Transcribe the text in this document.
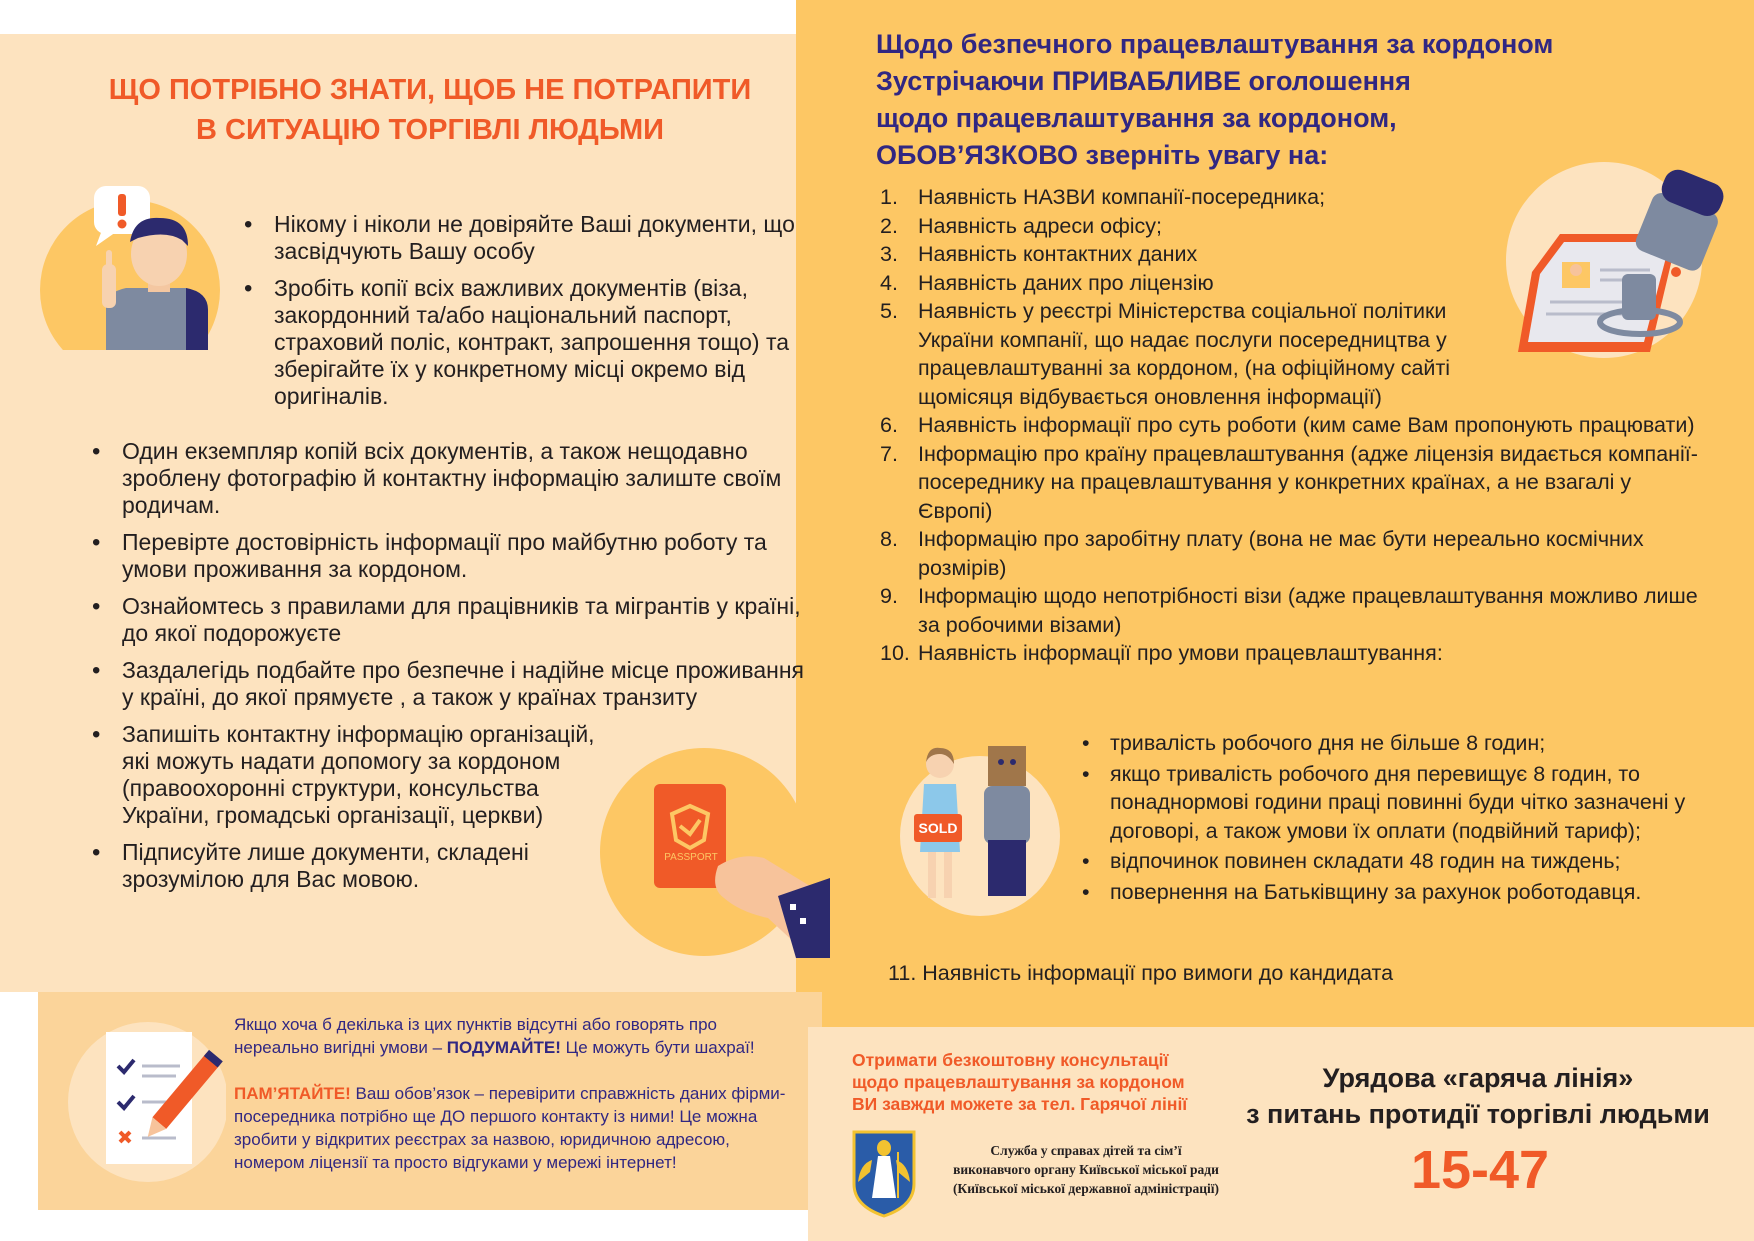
ЩО ПОТРІБНО ЗНАТИ, ЩОБ НЕ ПОТРАПИТИ
В СИТУАЦІЮ ТОРГІВЛІ ЛЮДЬМИ
• Нікому і ніколи не довіряйте Ваші документи, що засвідчують Вашу особу
• Зробіть копії всіх важливих документів (віза, закордонний та/або національний паспорт, страховий поліс, контракт, запрошення тощо) та зберігайте їх у конкретному місці окремо від оригіналів.
• Один екземпляр копій всіх документів, а також нещодавно зроблену фотографію й контактну інформацію залиште своїм родичам.
• Перевірте достовірність інформації про майбутню роботу та умови проживання за кордоном.
• Ознайомтесь з правилами для працівників та мігрантів у країні, до якої подорожуєте
• Заздалегідь подбайте про безпечне і надійне місце проживання у країні, до якої прямуєте , а також у країнах транзиту
• Запишіть контактну інформацію організацій, які можуть надати допомогу за кордоном (правоохоронні структури, консульства України, громадські організації, церкви)
• Підписуйте лише документи, складені зрозумілою для Вас мовою.
PASSPORT
Щодо безпечного працевлаштування за кордоном
Зустрічаючи ПРИВАБЛИВЕ оголошення
щодо працевлаштування за кордоном,
ОБОВ’ЯЗКОВО зверніть увагу на:
1. Наявність НАЗВИ компанії-посередника;
2. Наявність адреси офісу;
3. Наявність контактних даних
4. Наявність даних про ліцензію
5. Наявність у реєстрі Міністерства соціальної політики України компанії, що надає послуги посередництва у працевлаштуванні за кордоном, (на офіційному сайті щомісяця відбувається оновлення інформації)
6. Наявність інформації про суть роботи (ким саме Вам пропонують працювати)
7. Інформацію про країну працевлаштування (адже ліцензія видається компанії-посереднику на працевлаштування у конкретних країнах, а не взагалі у Європі)
8. Інформацію про заробітну плату (вона не має бути нереально космічних розмірів)
9. Інформацію щодо непотрібності візи (адже працевлаштування можливо лише за робочими візами)
10. Наявність інформації про умови працевлаштування:
SOLD
• тривалість робочого дня не більше 8 годин;
• якщо тривалість робочого дня перевищує 8 годин, то понаднормові години праці повинні буди чітко зазначені у договорі, а також умови їх оплати (подвійний тариф);
• відпочинок повинен складати 48 годин на тиждень;
• повернення на Батьківщину за рахунок роботодавця.
11. Наявність інформації про вимоги до кандидата

Якщо хоча б декілька із цих пунктів відсутні або говорять про нереально вигідні умови – ПОДУМАЙТЕ! Це можуть бути шахраї!

ПАМ’ЯТАЙТЕ! Ваш обов’язок – перевірити справжність даних фірми-посередника потрібно ще ДО першого контакту із ними! Це можна зробити у відкритих реєстрах за назвою, юридичною адресою, номером ліцензії та просто відгуками у мережі інтернет!

Отримати безкоштовну консультації
щодо працевлаштування за кордоном
ВИ завжди можете за тел. Гарячої лінії
Служба у справах дітей та сім’ї
виконавчого органу Київської міської ради
(Київської міської державної адміністрації)
Урядова «гаряча лінія»
з питань протидії торгівлі людьми
15-47
